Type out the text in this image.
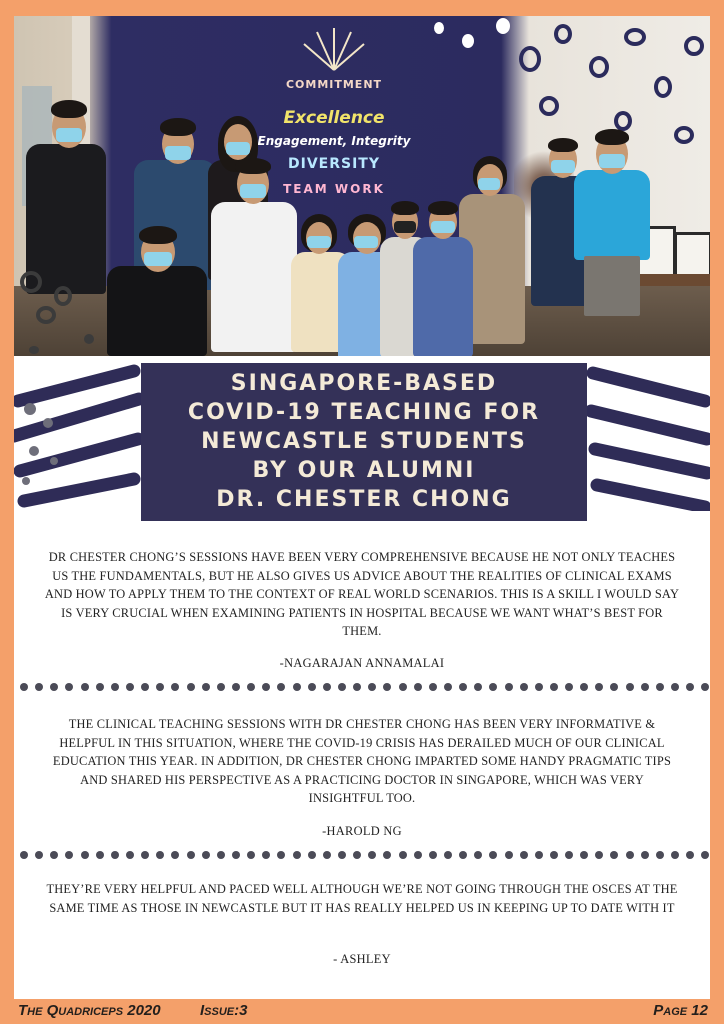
COMMITMENT
Excellence
Engagement, Integrity
DIVERSITY
TEAM WORK
SINGAPORE-BASED
COVID-19 TEACHING FOR
NEWCASTLE STUDENTS
BY OUR ALUMNI
DR. CHESTER CHONG
DR CHESTER CHONG’S SESSIONS HAVE BEEN VERY COMPREHENSIVE BECAUSE HE NOT ONLY TEACHES US THE FUNDAMENTALS, BUT HE ALSO GIVES US ADVICE ABOUT THE REALITIES OF CLINICAL EXAMS AND HOW TO APPLY THEM TO THE CONTEXT OF REAL WORLD SCENARIOS. THIS IS A SKILL I WOULD SAY IS VERY CRUCIAL WHEN EXAMINING PATIENTS IN HOSPITAL BECAUSE WE WANT WHAT’S BEST FOR THEM.
-NAGARAJAN ANNAMALAI
THE CLINICAL TEACHING SESSIONS WITH DR CHESTER CHONG HAS BEEN VERY INFORMATIVE & HELPFUL IN THIS SITUATION, WHERE THE COVID-19 CRISIS HAS DERAILED MUCH OF OUR CLINICAL EDUCATION THIS YEAR. IN ADDITION, DR CHESTER CHONG IMPARTED SOME HANDY PRAGMATIC TIPS AND SHARED HIS PERSPECTIVE AS A PRACTICING DOCTOR IN SINGAPORE, WHICH WAS VERY INSIGHTFUL TOO.
-HAROLD NG
THEY’RE VERY HELPFUL AND PACED WELL ALTHOUGH WE’RE NOT GOING THROUGH THE OSCES AT THE SAME TIME AS THOSE IN NEWCASTLE BUT IT HAS REALLY HELPED US IN KEEPING UP TO DATE WITH IT
- ASHLEY
The Quadriceps 2020	Issue:3	Page 12
